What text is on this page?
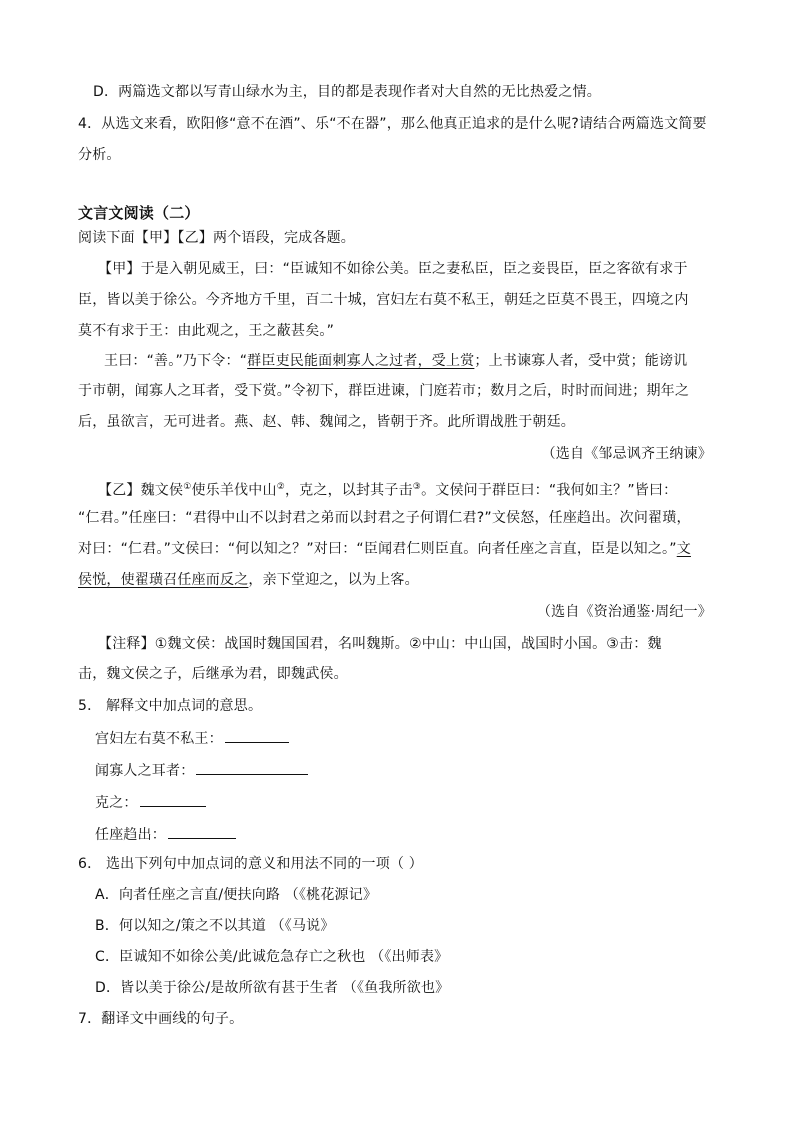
D．两篇选文都以写青山绿水为主，目的都是表现作者对大自然的无比热爱之情。
4．从选文来看，欧阳修“意不在酒”、乐“不在器”，那么他真正追求的是什么呢?请结合两篇选文简要
分析。
文言文阅读（二）
阅读下面【甲】【乙】两个语段，完成各题。
【甲】于是入朝见威王，曰：“臣诚知不如徐公美。臣之妻私臣，臣之妾畏臣，臣之客欲有求于
臣，皆以美于徐公。今齐地方千里，百二十城，宫妇左右莫不私王，朝廷之臣莫不畏王，四境之内
莫不有求于王：由此观之，王之蔽甚矣。”
王曰：“善。”乃下令：“群臣吏民能面刺寡人之过者，受上赏；上书谏寡人者，受中赏；能谤讥
于市朝，闻寡人之耳者，受下赏。”令初下，群臣进谏，门庭若市；数月之后，时时而间进；期年之
后，虽欲言，无可进者。燕、赵、韩、魏闻之，皆朝于齐。此所谓战胜于朝廷。
（选自《邹忌讽齐王纳谏》
【乙】魏文侯①使乐羊伐中山②，克之，以封其子击③。文侯问于群臣曰：“我何如主？”皆曰：
“仁君。”任座曰：“君得中山不以封君之弟而以封君之子何谓仁君?”文侯怒，任座趋出。次问翟璜，
对曰：“仁君。”文侯曰：“何以知之？”对曰：“臣闻君仁则臣直。向者任座之言直，臣是以知之。”文
侯悦，使翟璜召任座而反之，亲下堂迎之，以为上客。
（选自《资治通鉴·周纪一》
【注释】①魏文侯：战国时魏国国君，名叫魏斯。②中山：中山国，战国时小国。③击：魏
击，魏文侯之子，后继承为君，即魏武侯。
5． 解释文中加点词的意思。
宫妇左右莫不私王：
闻寡人之耳者：
克之：
任座趋出：
6． 选出下列句中加点词的意义和用法不同的一项（ ）
A．向者任座之言直/便扶向路 （《桃花源记》
B．何以知之/策之不以其道 （《马说》
C．臣诚知不如徐公美/此诚危急存亡之秋也 （《出师表》
D．皆以美于徐公/是故所欲有甚于生者 （《鱼我所欲也》
7．翻译文中画线的句子。
